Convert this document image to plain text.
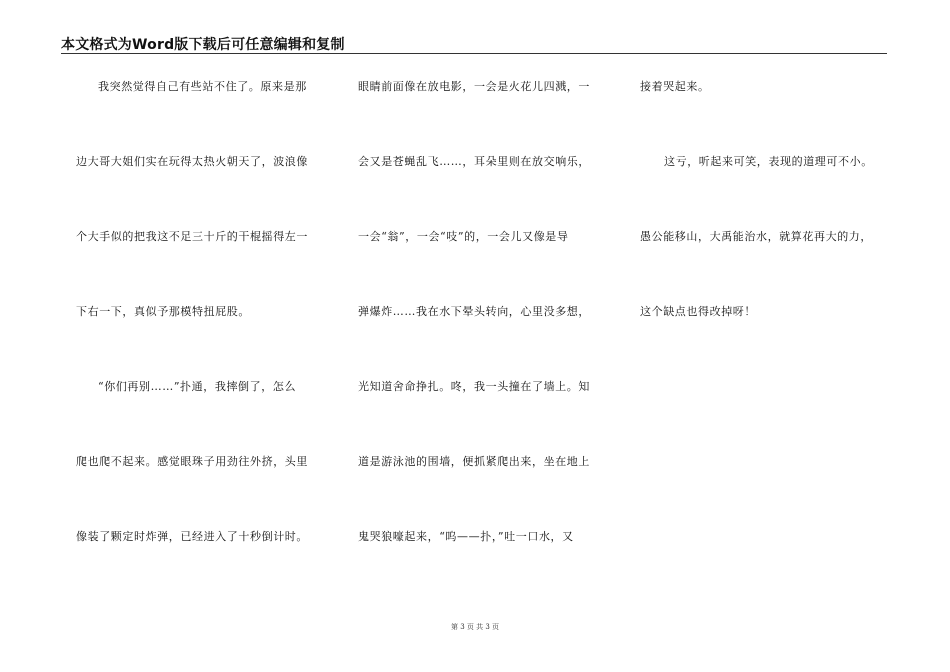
本文格式为Word版下载后可任意编辑和复制
我突然觉得自己有些站不住了。原来是那
边大哥大姐们实在玩得太热火朝天了，波浪像
个大手似的把我这不足三十斤的干棍摇得左一
下右一下，真似予那模特扭屁股。
“你们再别……”扑通，我摔倒了，怎么
爬也爬不起来。感觉眼珠子用劲往外挤，头里
像装了颗定时炸弹，已经进入了十秒倒计时。
眼睛前面像在放电影，一会是火花儿四溅，一
会又是苍蝇乱飞……，耳朵里则在放交响乐，
一会“翁”，一会“吱”的，一会儿又像是导
弹爆炸……我在水下晕头转向，心里没多想，
光知道舍命挣扎。咚，我一头撞在了墙上。知
道是游泳池的围墙，便抓紧爬出来，坐在地上
鬼哭狼嚎起来，“呜——扑，”吐一口水，又
接着哭起来。
这亏，听起来可笑，表现的道理可不小。
愚公能移山，大禹能治水，就算花再大的力，
这个缺点也得改掉呀！
第 3 页 共 3 页
